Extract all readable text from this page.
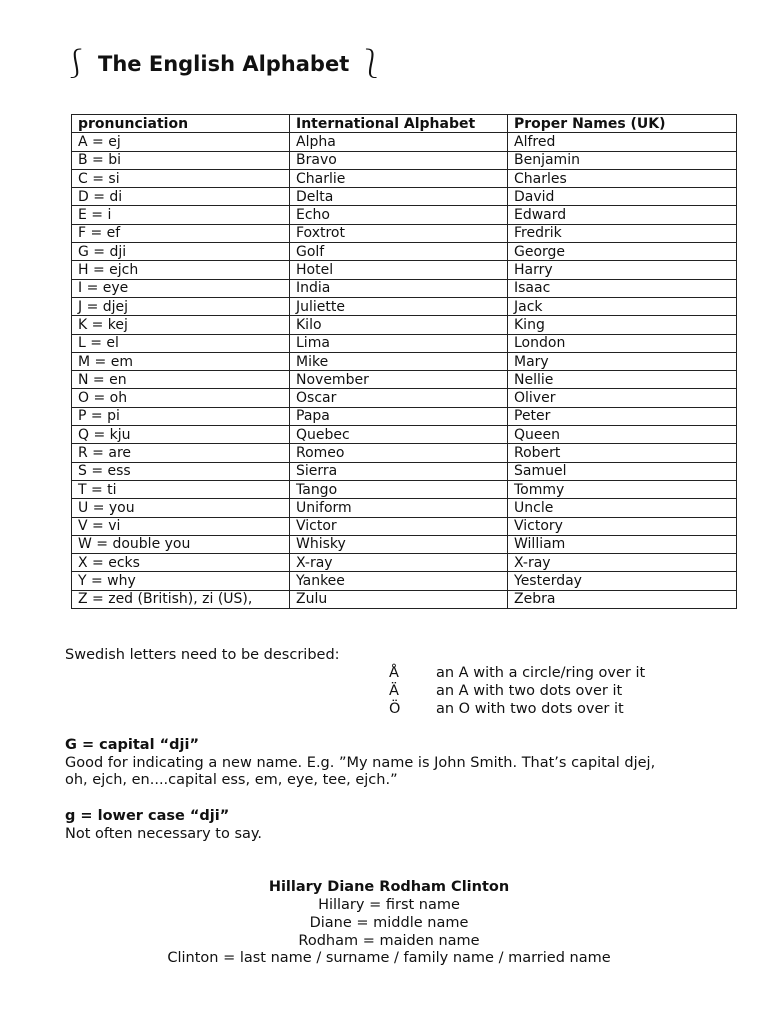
⎰ The English Alphabet ⎱
pronunciation	International Alphabet	Proper Names (UK)
A = ej	Alpha	Alfred
B = bi	Bravo	Benjamin
C = si	Charlie	Charles
D = di	Delta	David
E = i	Echo	Edward
F = ef	Foxtrot	Fredrik
G = dji	Golf	George
H = ejch	Hotel	Harry
I = eye	India	Isaac
J = djej	Juliette	Jack
K = kej	Kilo	King
L = el	Lima	London
M = em	Mike	Mary
N = en	November	Nellie
O = oh	Oscar	Oliver
P = pi	Papa	Peter
Q = kju	Quebec	Queen
R = are	Romeo	Robert
S = ess	Sierra	Samuel
T = ti	Tango	Tommy
U = you	Uniform	Uncle
V = vi	Victor	Victory
W = double you	Whisky	William
X = ecks	X-ray	X-ray
Y = why	Yankee	Yesterday
Z = zed (British), zi (US),	Zulu	Zebra
Swedish letters need to be described:
Å	an A with a circle/ring over it
Ä	an A with two dots over it
Ö an O with two dots over it
G = capital “dji”
Good for indicating a new name. E.g. ”My name is John Smith. That’s capital djej,
oh, ejch, en....capital ess, em, eye, tee, ejch.”
g = lower case “dji”
Not often necessary to say.
Hillary Diane Rodham Clinton
Hillary = first name
Diane = middle name
Rodham = maiden name
Clinton = last name / surname / family name / married name
